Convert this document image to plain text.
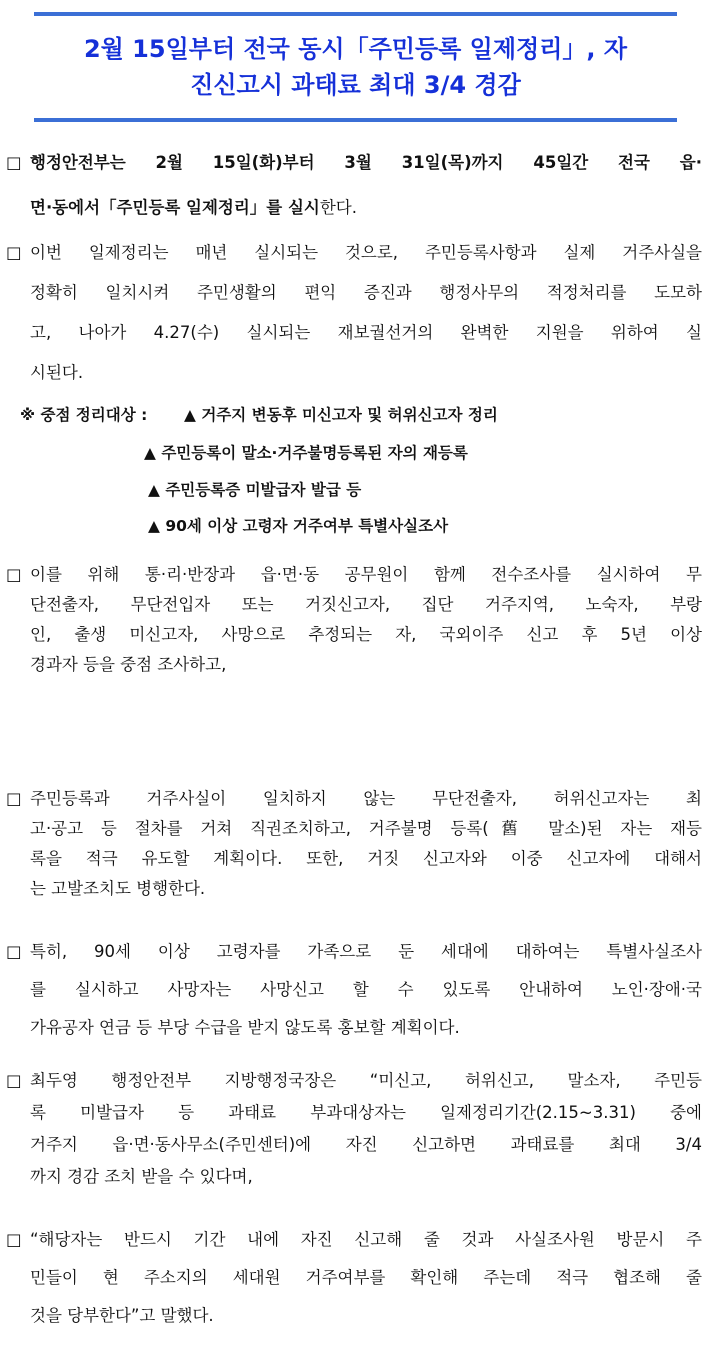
2월 15일부터 전국 동시「주민등록 일제정리」, 자
진신고시 과태료 최대 3/4 경감
□ 행정안전부는 2월 15일(화)부터 3월 31일(목)까지 45일간 전국 읍·
면·동에서「주민등록 일제정리」를 실시한다.
□ 이번 일제정리는 매년 실시되는 것으로, 주민등록사항과 실제 거주사실을
정확히 일치시켜 주민생활의 편익 증진과 행정사무의 적정처리를 도모하
고, 나아가 4.27(수) 실시되는 재보궐선거의 완벽한 지원을 위하여 실
시된다.
※ 중점 정리대상 : ▲ 거주지 변동후 미신고자 및 허위신고자 정리
▲ 주민등록이 말소·거주불명등록된 자의 재등록
▲ 주민등록증 미발급자 발급 등
▲ 90세 이상 고령자 거주여부 특별사실조사
□ 이를 위해 통·리·반장과 읍·면·동 공무원이 함께 전수조사를 실시하여 무
단전출자, 무단전입자 또는 거짓신고자, 집단 거주지역, 노숙자, 부랑
인, 출생 미신고자, 사망으로 추정되는 자, 국외이주 신고 후 5년 이상
경과자 등을 중점 조사하고,
□ 주민등록과 거주사실이 일치하지 않는 무단전출자, 허위신고자는 최
고·공고 등 절차를 거쳐 직권조치하고, 거주불명 등록(舊 말소)된 자는 재등
록을 적극 유도할 계획이다. 또한, 거짓 신고자와 이중 신고자에 대해서
는 고발조치도 병행한다.
□ 특히, 90세 이상 고령자를 가족으로 둔 세대에 대하여는 특별사실조사
를 실시하고 사망자는 사망신고 할 수 있도록 안내하여 노인·장애·국
가유공자 연금 등 부당 수급을 받지 않도록 홍보할 계획이다.
□ 최두영 행정안전부 지방행정국장은 “미신고, 허위신고, 말소자, 주민등
록 미발급자 등 과태료 부과대상자는 일제정리기간(2.15~3.31) 중에
거주지 읍·면·동사무소(주민센터)에 자진 신고하면 과태료를 최대 3/4
까지 경감 조치 받을 수 있다며,
□ “해당자는 반드시 기간 내에 자진 신고해 줄 것과 사실조사원 방문시 주
민들이 현 주소지의 세대원 거주여부를 확인해 주는데 적극 협조해 줄
것을 당부한다”고 말했다.
